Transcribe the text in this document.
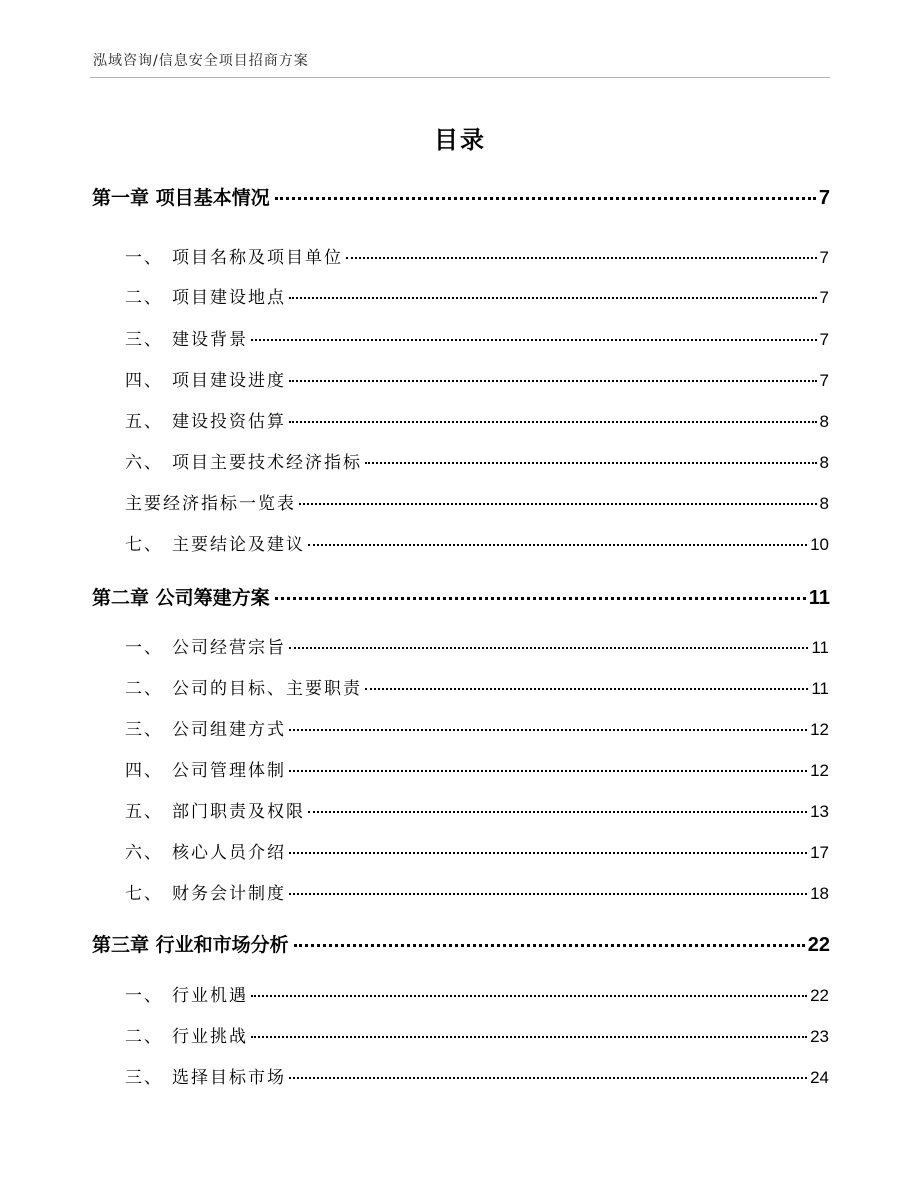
泓域咨询/信息安全项目招商方案
目录
第一章 项目基本情况	7
一、 项目名称及项目单位	7
二、 项目建设地点	7
三、 建设背景	7
四、 项目建设进度	7
五、 建设投资估算	8
六、 项目主要技术经济指标	8
主要经济指标一览表	8
七、 主要结论及建议	10
第二章 公司筹建方案	11
一、 公司经营宗旨	11
二、 公司的目标、主要职责	11
三、 公司组建方式	12
四、 公司管理体制	12
五、 部门职责及权限	13
六、 核心人员介绍	17
七、 财务会计制度	18
第三章 行业和市场分析	22
一、 行业机遇	22
二、 行业挑战	23
三、 选择目标市场	24
